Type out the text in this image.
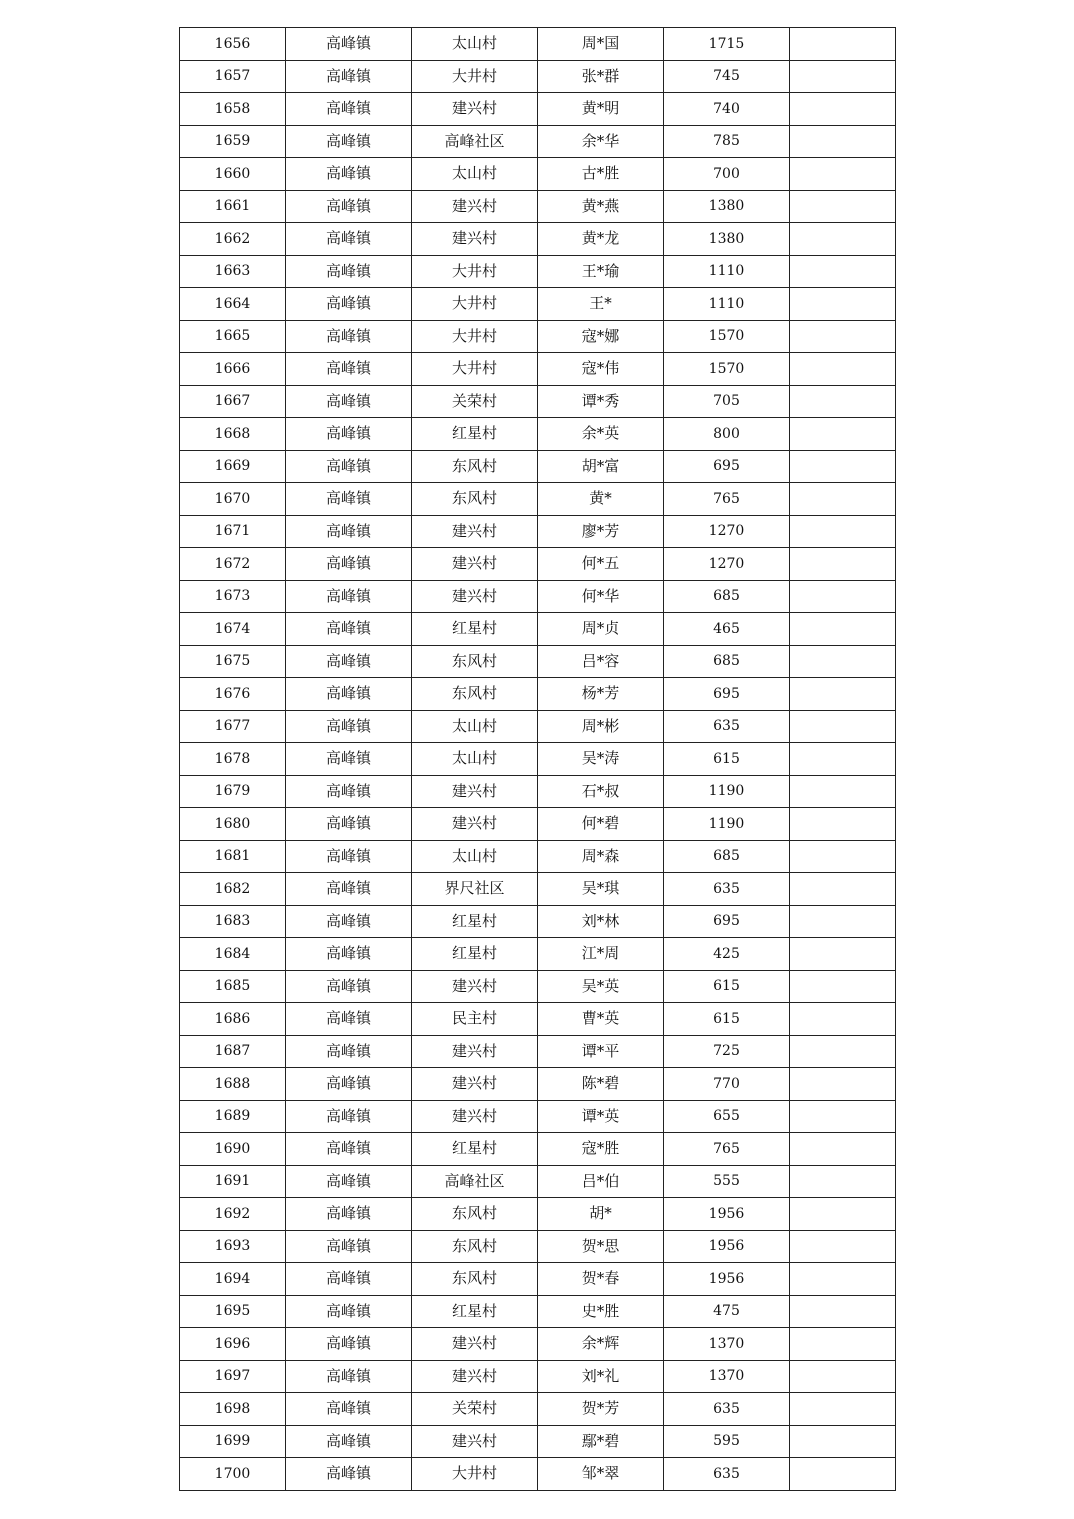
1656	高峰镇	太山村	周*国	1715	
1657	高峰镇	大井村	张*群	745	
1658	高峰镇	建兴村	黄*明	740	
1659	高峰镇	高峰社区	余*华	785	
1660	高峰镇	太山村	古*胜	700	
1661	高峰镇	建兴村	黄*燕	1380	
1662	高峰镇	建兴村	黄*龙	1380	
1663	高峰镇	大井村	王*瑜	1110	
1664	高峰镇	大井村	王*	1110	
1665	高峰镇	大井村	寇*娜	1570	
1666	高峰镇	大井村	寇*伟	1570	
1667	高峰镇	关荣村	谭*秀	705	
1668	高峰镇	红星村	余*英	800	
1669	高峰镇	东风村	胡*富	695	
1670	高峰镇	东风村	黄*	765	
1671	高峰镇	建兴村	廖*芳	1270	
1672	高峰镇	建兴村	何*五	1270	
1673	高峰镇	建兴村	何*华	685	
1674	高峰镇	红星村	周*贞	465	
1675	高峰镇	东风村	吕*容	685	
1676	高峰镇	东风村	杨*芳	695	
1677	高峰镇	太山村	周*彬	635	
1678	高峰镇	太山村	吴*涛	615	
1679	高峰镇	建兴村	石*叔	1190	
1680	高峰镇	建兴村	何*碧	1190	
1681	高峰镇	太山村	周*森	685	
1682	高峰镇	界尺社区	吴*琪	635	
1683	高峰镇	红星村	刘*林	695	
1684	高峰镇	红星村	江*周	425	
1685	高峰镇	建兴村	吴*英	615	
1686	高峰镇	民主村	曹*英	615	
1687	高峰镇	建兴村	谭*平	725	
1688	高峰镇	建兴村	陈*碧	770	
1689	高峰镇	建兴村	谭*英	655	
1690	高峰镇	红星村	寇*胜	765	
1691	高峰镇	高峰社区	吕*伯	555	
1692	高峰镇	东风村	胡*	1956	
1693	高峰镇	东风村	贺*思	1956	
1694	高峰镇	东风村	贺*春	1956	
1695	高峰镇	红星村	史*胜	475	
1696	高峰镇	建兴村	余*辉	1370	
1697	高峰镇	建兴村	刘*礼	1370	
1698	高峰镇	关荣村	贺*芳	635	
1699	高峰镇	建兴村	鄢*碧	595	
1700	高峰镇	大井村	邹*翠	635	
